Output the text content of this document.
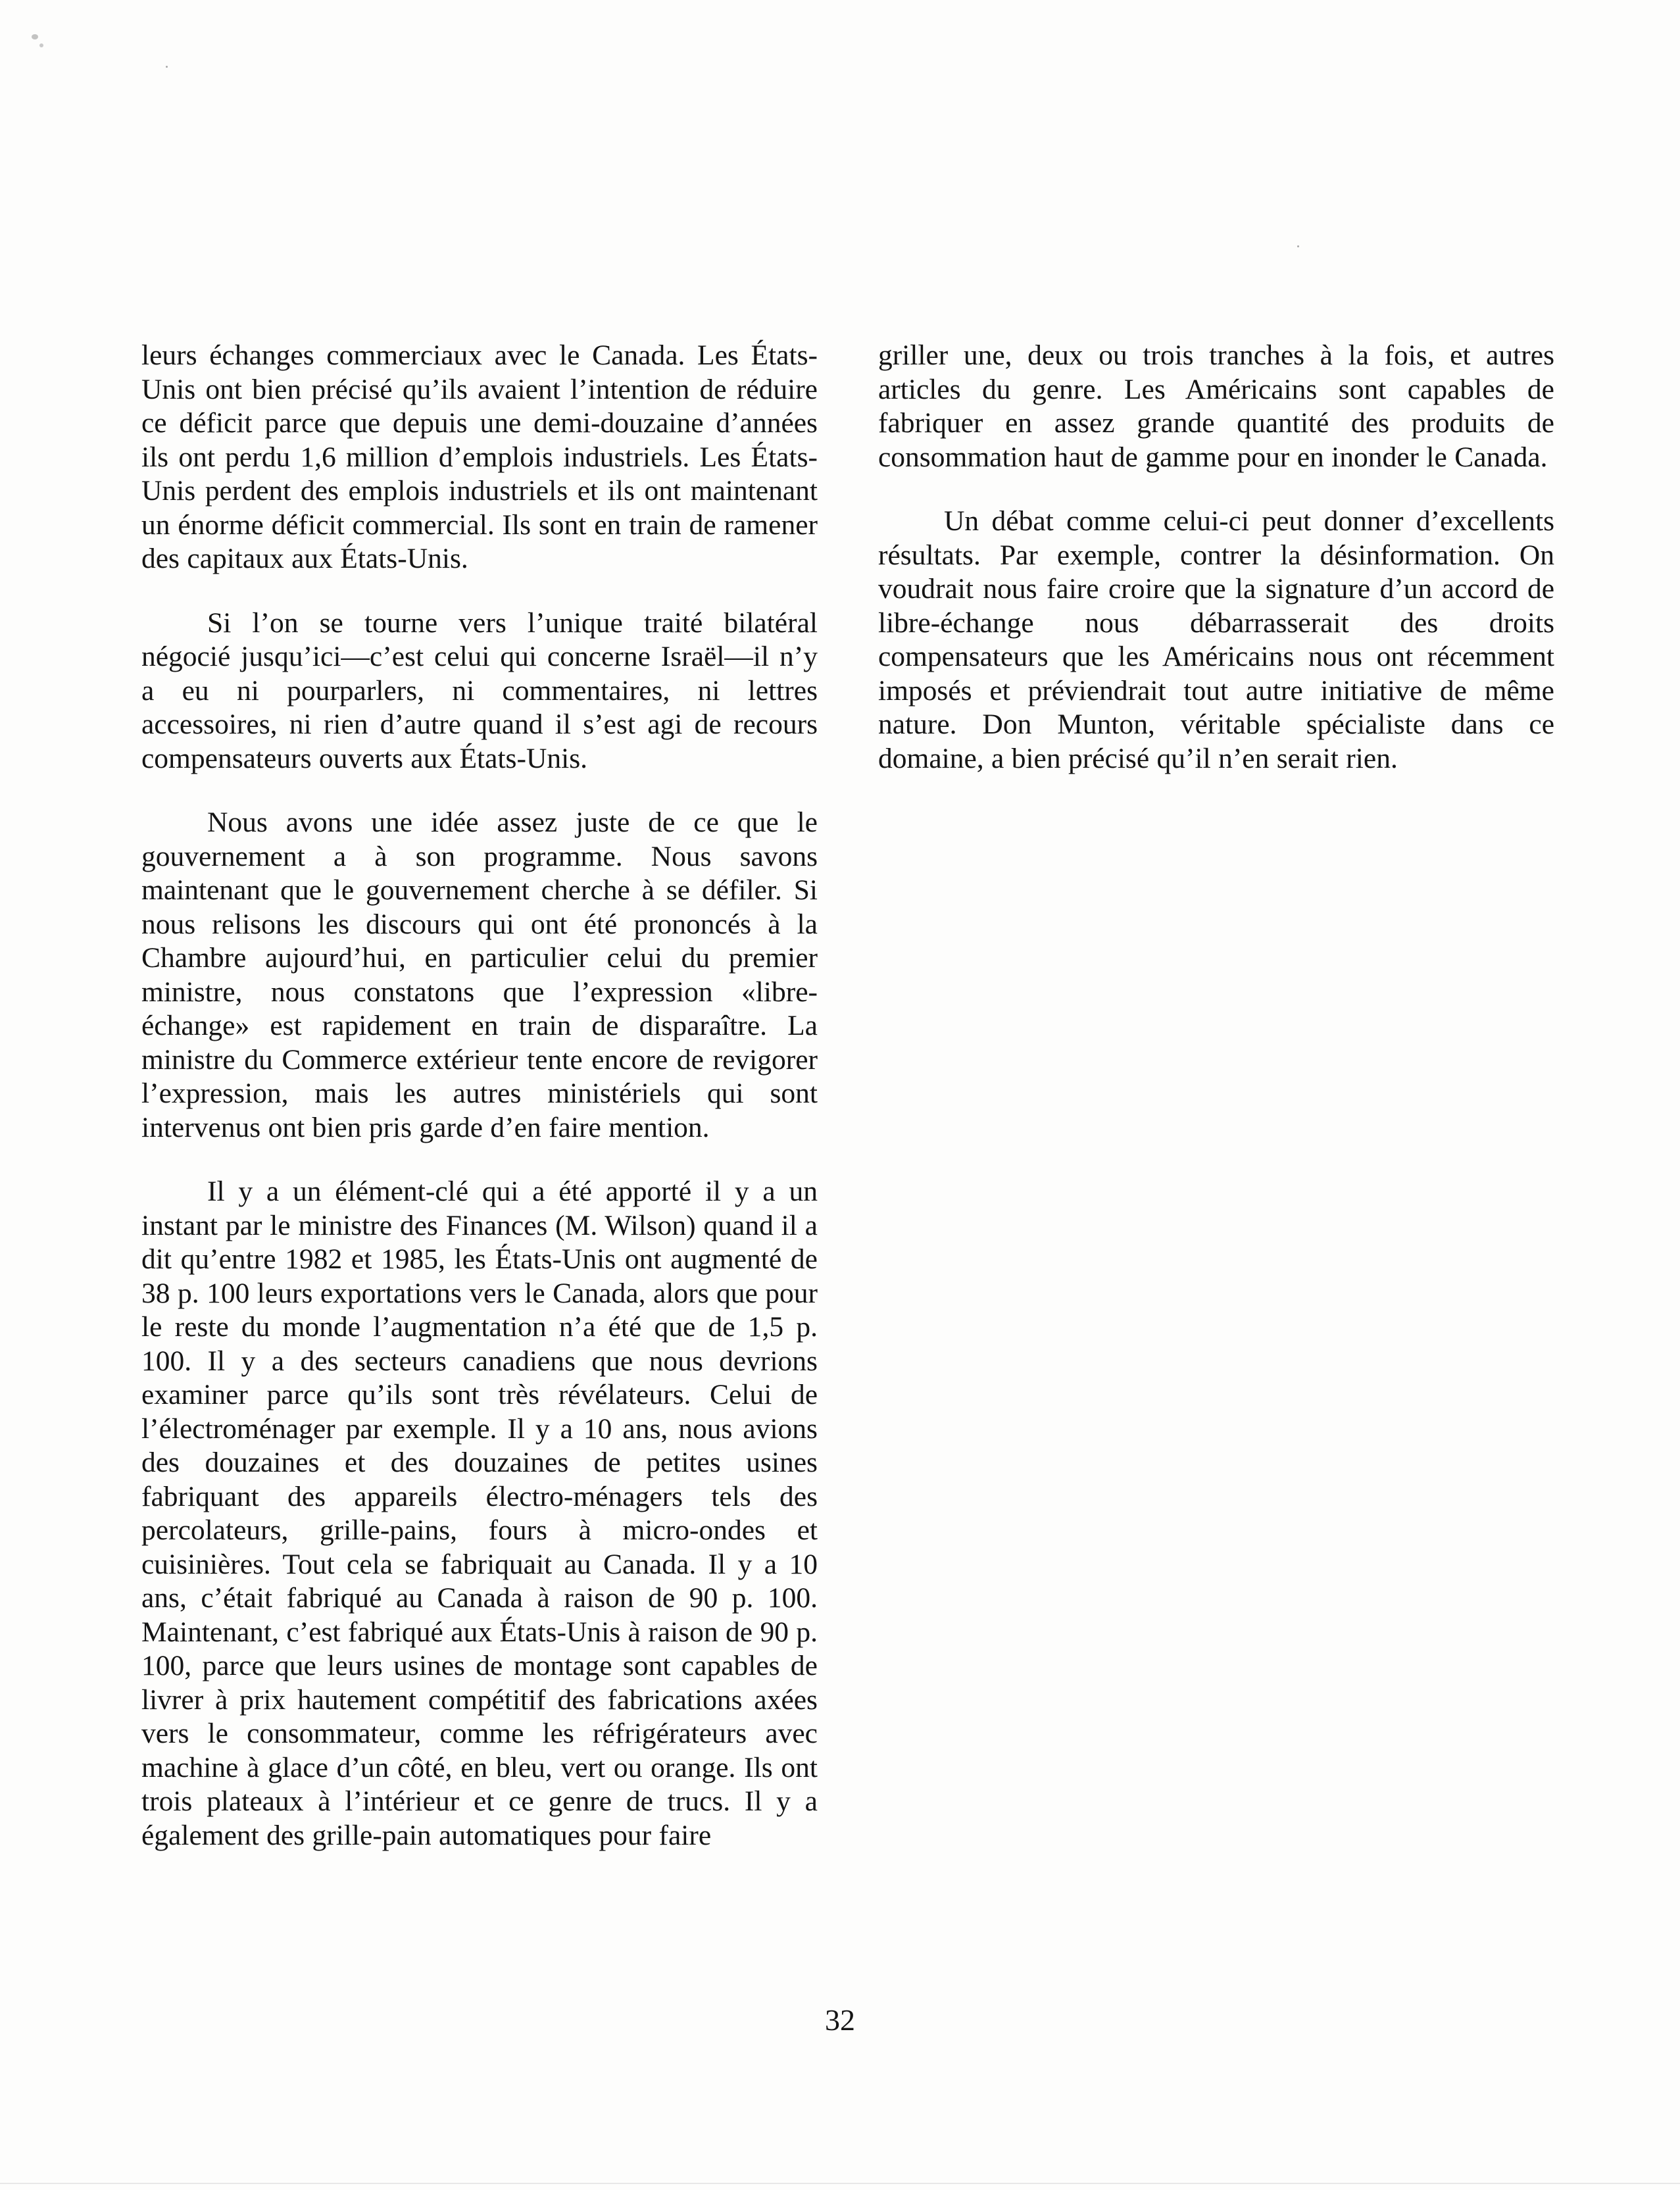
leurs échanges commerciaux avec le Canada. Les États-Unis ont bien précisé qu’ils avaient l’intention de réduire ce déficit parce que depuis une demi-douzaine d’années ils ont perdu 1,6 million d’emplois industriels. Les États-Unis perdent des emplois industriels et ils ont maintenant un énorme déficit commercial. Ils sont en train de ramener des capitaux aux États-Unis.

Si l’on se tourne vers l’unique traité bilatéral négocié jusqu’ici—c’est celui qui concerne Israël—il n’y a eu ni pourparlers, ni commentaires, ni lettres accessoires, ni rien d’autre quand il s’est agi de recours compensateurs ouverts aux États-Unis.

Nous avons une idée assez juste de ce que le gouvernement a à son programme. Nous savons maintenant que le gouvernement cherche à se défiler. Si nous relisons les discours qui ont été prononcés à la Chambre aujourd’hui, en particulier celui du premier ministre, nous constatons que l’expression «libre-échange» est rapidement en train de disparaître. La ministre du Commerce extérieur tente encore de revigorer l’expression, mais les autres ministériels qui sont intervenus ont bien pris garde d’en faire mention.

Il y a un élément-clé qui a été apporté il y a un instant par le ministre des Finances (M. Wilson) quand il a dit qu’entre 1982 et 1985, les États-Unis ont augmenté de 38 p. 100 leurs exportations vers le Canada, alors que pour le reste du monde l’augmentation n’a été que de 1,5 p. 100. Il y a des secteurs canadiens que nous devrions examiner parce qu’ils sont très révélateurs. Celui de l’électroménager par exemple. Il y a 10 ans, nous avions des douzaines et des douzaines de petites usines fabriquant des appareils électro-ménagers tels des percolateurs, grille-pains, fours à micro-ondes et cuisinières. Tout cela se fabriquait au Canada. Il y a 10 ans, c’était fabriqué au Canada à raison de 90 p. 100. Maintenant, c’est fabriqué aux États-Unis à raison de 90 p. 100, parce que leurs usines de montage sont capables de livrer à prix hautement compétitif des fabrications axées vers le consommateur, comme les réfrigérateurs avec machine à glace d’un côté, en bleu, vert ou orange. Ils ont trois plateaux à l’intérieur et ce genre de trucs. Il y a également des grille-pain automatiques pour faire

griller une, deux ou trois tranches à la fois, et autres articles du genre. Les Américains sont capables de fabriquer en assez grande quantité des produits de consommation haut de gamme pour en inonder le Canada.

Un débat comme celui-ci peut donner d’excellents résultats. Par exemple, contrer la désinformation. On voudrait nous faire croire que la signature d’un accord de libre-échange nous débarrasserait des droits compensateurs que les Américains nous ont récemment imposés et préviendrait tout autre initiative de même nature. Don Munton, véritable spécialiste dans ce domaine, a bien précisé qu’il n’en serait rien.

32
